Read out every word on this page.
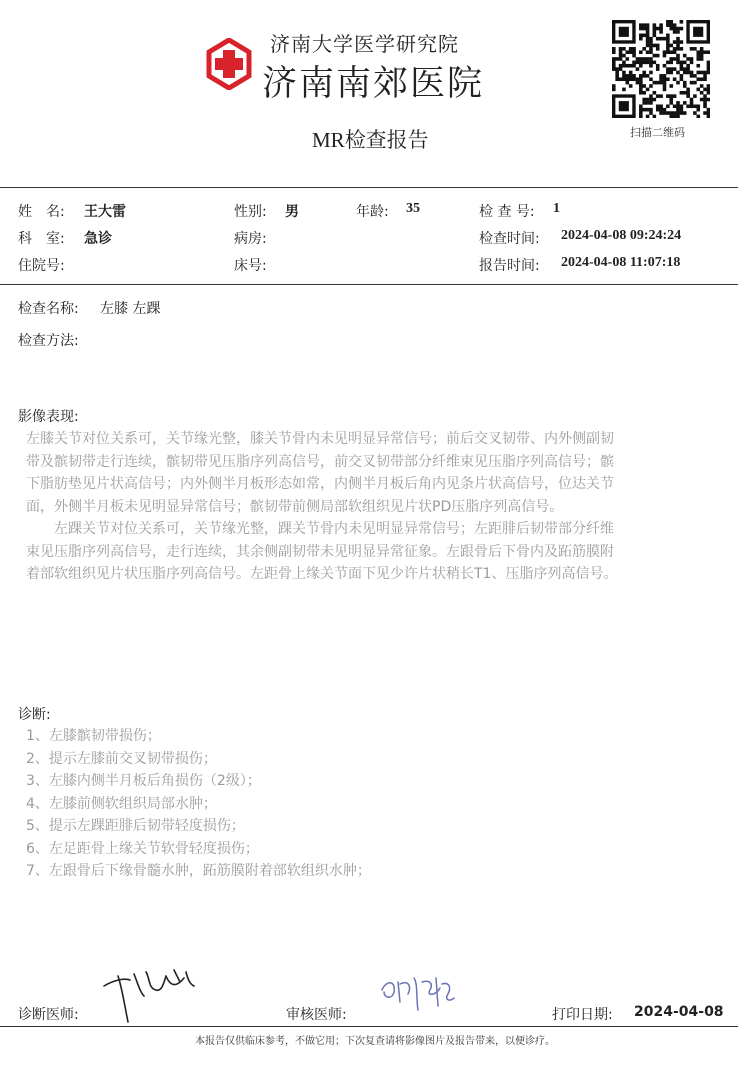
济南大学医学研究院
济南南郊医院
MR检查报告	扫描二维码
姓　名: 王大雷	性别: 男	年龄: 35	检 查 号: 1
科　室: 急诊	病房:	检查时间: 2024-04-08 09:24:24
住院号:	床号:	报告时间: 2024-04-08 11:07:18
检查名称: 左膝 左踝
检查方法:
影像表现:
左膝关节对位关系可，关节缘光整，膝关节骨内未见明显异常信号；前后交叉韧带、内外侧副韧
带及髌韧带走行连续，髌韧带见压脂序列高信号，前交叉韧带部分纤维束见压脂序列高信号；髌
下脂肪垫见片状高信号；内外侧半月板形态如常，内侧半月板后角内见条片状高信号，位达关节
面，外侧半月板未见明显异常信号；髌韧带前侧局部软组织见片状PD压脂序列高信号。
　　左踝关节对位关系可，关节缘光整，踝关节骨内未见明显异常信号；左距腓后韧带部分纤维
束见压脂序列高信号，走行连续，其余侧副韧带未见明显异常征象。左跟骨后下骨内及跖筋膜附
着部软组织见片状压脂序列高信号。左距骨上缘关节面下见少许片状稍长T1、压脂序列高信号。
诊断:
1、左膝髌韧带损伤；
2、提示左膝前交叉韧带损伤；
3、左膝内侧半月板后角损伤（2级）；
4、左膝前侧软组织局部水肿；
5、提示左踝距腓后韧带轻度损伤；
6、左足距骨上缘关节软骨轻度损伤；
7、左跟骨后下缘骨髓水肿，跖筋膜附着部软组织水肿；
诊断医师:	审核医师:	打印日期: 2024-04-08
本报告仅供临床参考，不做它用；下次复查请将影像图片及报告带来，以便诊疗。
